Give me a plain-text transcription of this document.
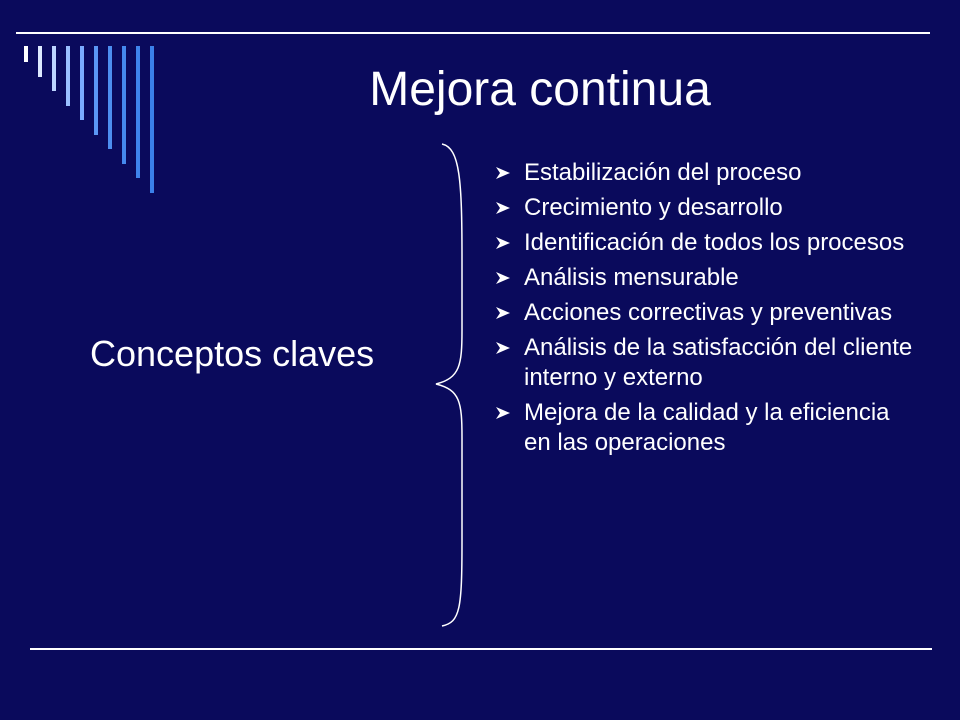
Mejora continua
Conceptos claves
Estabilización del proceso
Crecimiento y desarrollo
Identificación de todos los procesos
Análisis mensurable
Acciones correctivas y preventivas
Análisis de la satisfacción del cliente interno y externo
Mejora de la calidad y la eficiencia en las operaciones
